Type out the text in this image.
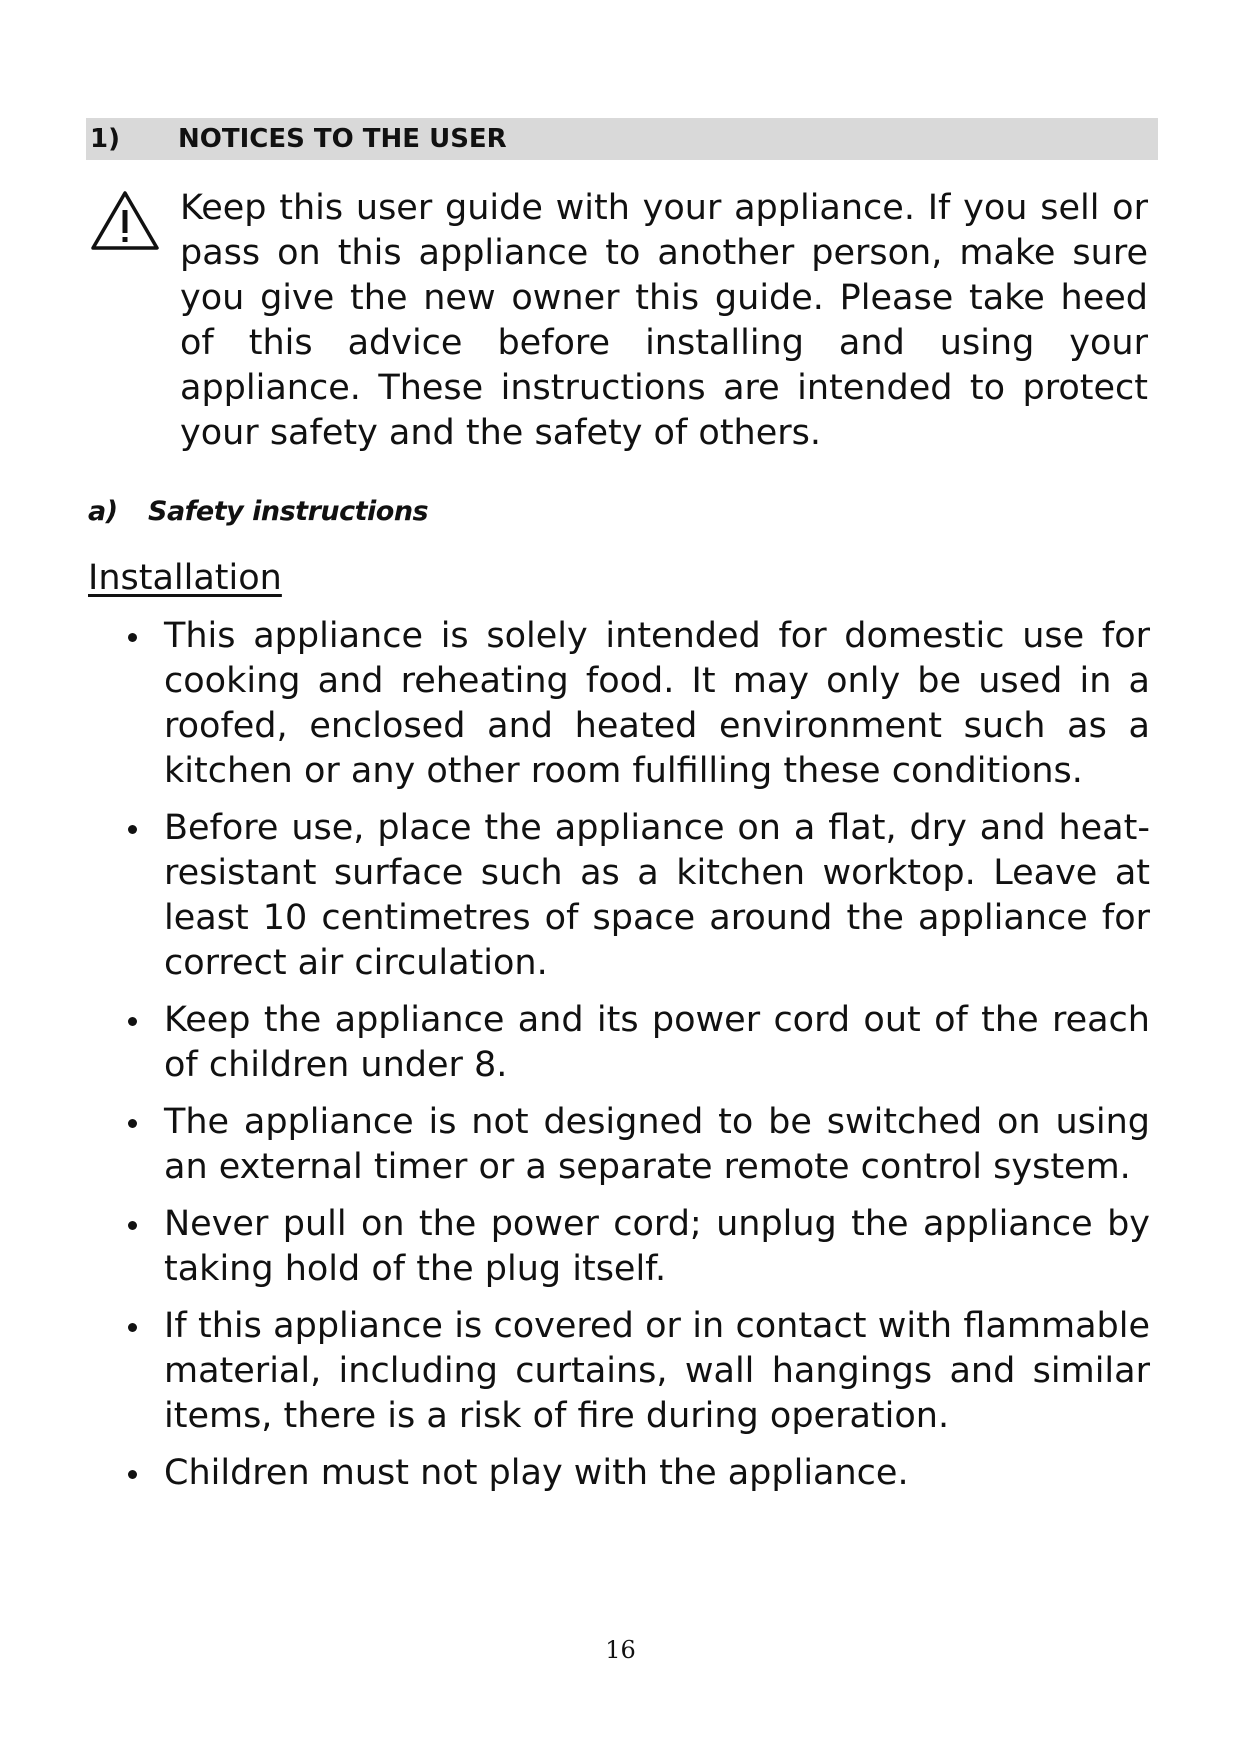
1) NOTICES TO THE USER

Keep this user guide with your appliance. If you sell or pass on this appliance to another person, make sure you give the new owner this guide. Please take heed of this advice before installing and using your appliance. These instructions are intended to protect your safety and the safety of others.

a) Safety instructions
Installation
This appliance is solely intended for domestic use for cooking and reheating food. It may only be used in a roofed, enclosed and heated environment such as a kitchen or any other room fulfilling these conditions.
Before use, place the appliance on a flat, dry and heat-resistant surface such as a kitchen worktop. Leave at least 10 centimetres of space around the appliance for correct air circulation.
Keep the appliance and its power cord out of the reach of children under 8.
The appliance is not designed to be switched on using an external timer or a separate remote control system.
Never pull on the power cord; unplug the appliance by taking hold of the plug itself.
If this appliance is covered or in contact with flammable material, including curtains, wall hangings and similar items, there is a risk of fire during operation.
Children must not play with the appliance.
16
